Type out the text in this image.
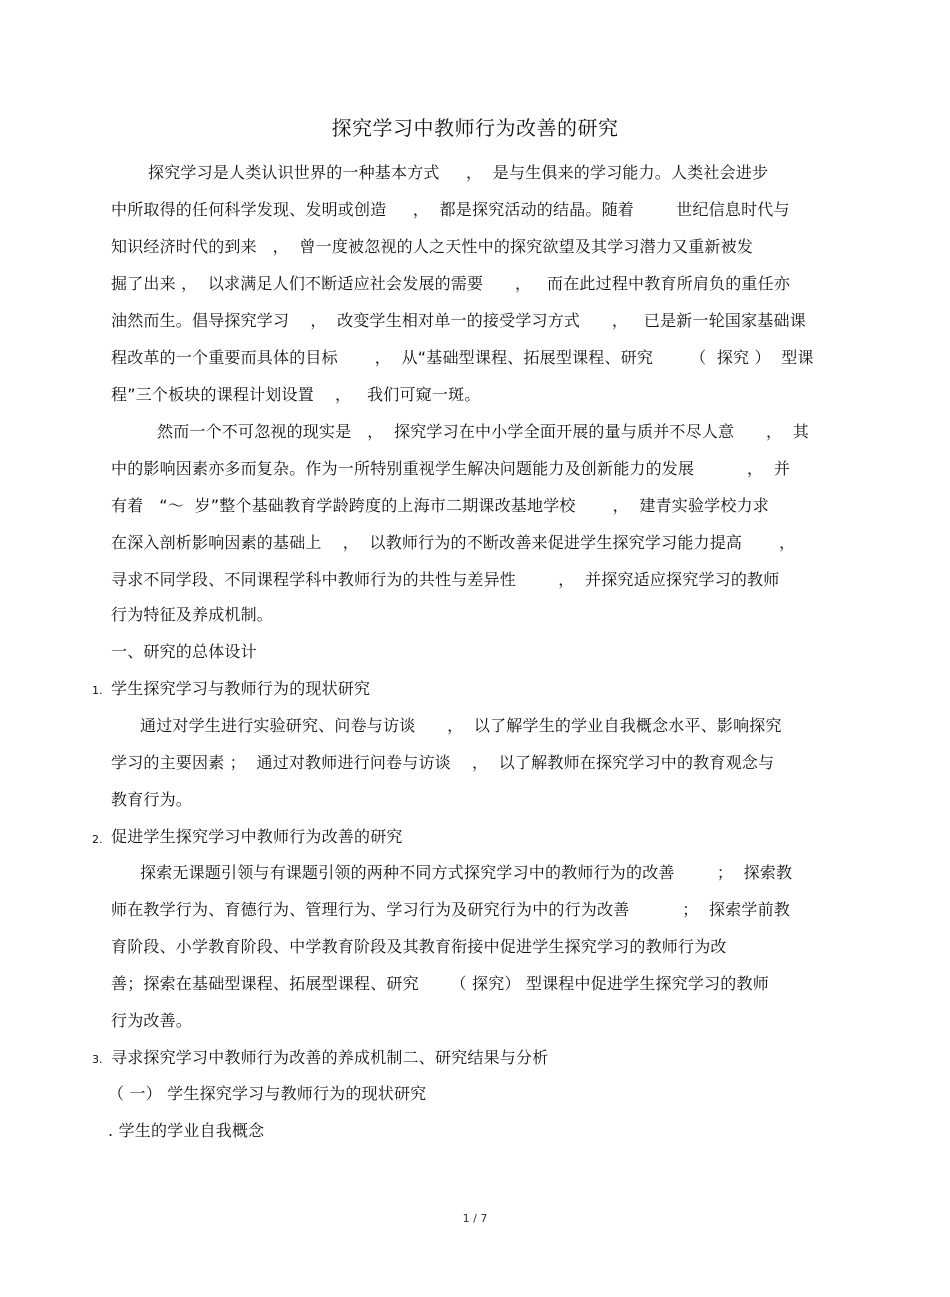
探究学习中教师行为改善的研究
探究学习是人类认识世界的一种基本方式     ，  是与生俱来的学习能力。人类社会进步
中所取得的任何科学发现、发明或创造     ，  都是探究活动的结晶。随着        世纪信息时代与
知识经济时代的到来   ，  曾一度被忽视的人之天性中的探究欲望及其学习潜力又重新被发
掘了出来 ，  以求满足人们不断适应社会发展的需要      ，   而在此过程中教育所肩负的重任亦
油然而生。倡导探究学习    ，  改变学生相对单一的接受学习方式      ，   已是新一轮国家基础课
程改革的一个重要而具体的目标       ，  从“基础型课程、拓展型课程、研究       （  探究 ）  型课
程”三个板块的课程计划设置    ，   我们可窥一斑。
然而一个不可忽视的现实是   ，  探究学习在中小学全面开展的量与质并不尽人意      ，  其
中的影响因素亦多而复杂。作为一所特别重视学生解决问题能力及创新能力的发展          ，  并
有着   “～  岁”整个基础教育学龄跨度的上海市二期课改基地学校       ，  建青实验学校力求
在深入剖析影响因素的基础上    ，  以教师行为的不断改善来促进学生探究学习能力提高       ，
寻求不同学段、不同课程学科中教师行为的共性与差异性        ，  并探究适应探究学习的教师
行为特征及养成机制。
一、研究的总体设计
1. 学生探究学习与教师行为的现状研究
通过对学生进行实验研究、问卷与访谈      ，  以了解学生的学业自我概念水平、影响探究
学习的主要因素 ；  通过对教师进行问卷与访谈    ，  以了解教师在探究学习中的教育观念与
教育行为。
2. 促进学生探究学习中教师行为改善的研究
探索无课题引领与有课题引领的两种不同方式探究学习中的教师行为的改善        ；  探索教
师在教学行为、育德行为、管理行为、学习行为及研究行为中的行为改善          ；  探索学前教
育阶段、小学教育阶段、中学教育阶段及其教育衔接中促进学生探究学习的教师行为改
善；探索在基础型课程、拓展型课程、研究      （ 探究） 型课程中促进学生探究学习的教师
行为改善。
3. 寻求探究学习中教师行为改善的养成机制二、研究结果与分析
（ 一） 学生探究学习与教师行为的现状研究
. 学生的学业自我概念
1 / 7
